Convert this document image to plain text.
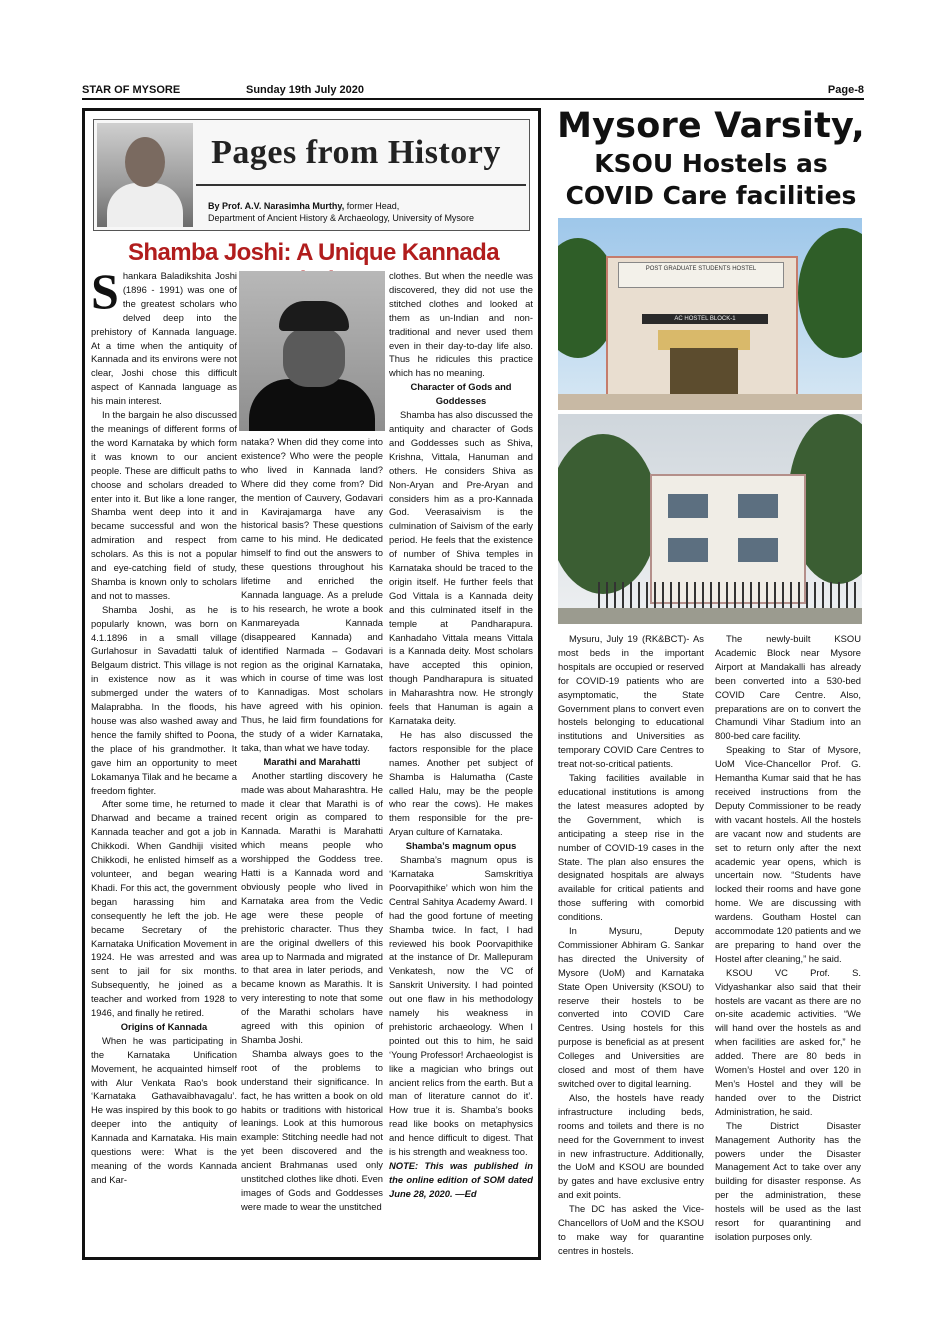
STAR OF MYSORE	Sunday 19th July 2020	Page-8
Pages from History
By Prof. A.V. Narasimha Murthy, former Head,
Department of Ancient History & Archaeology, University of Mysore
Shamba Joshi: A Unique Kannada

Shankara Baladikshita Joshi (1896 - 1991) was one of the greatest scholars who delved deep into the prehistory of Kannada language. At a time when the antiquity of Kannada and its environs were not clear, Joshi chose this difficult aspect of Kannada language as his main interest.

In the bargain he also discussed the meanings of different forms of the word Karnataka by which form it was known to our ancient people. These are difficult paths to choose and scholars dreaded to enter into it. But like a lone ranger, Shamba went deep into it and became successful and won the admiration and respect from scholars. As this is not a popular and eye-catching field of study, Shamba is known only to scholars and not to masses.

Shamba Joshi, as he is popularly known, was born on 4.1.1896 in a small village Gurlahosur in Savadatti taluk of Belgaum district. This village is not in existence now as it was submerged under the waters of Malaprabha. In the floods, his house was also washed away and hence the family shifted to Poona, the place of his grandmother. It gave him an opportunity to meet Lokamanya Tilak and he became a freedom fighter.

After some time, he returned to Dharwad and became a trained Kannada teacher and got a job in Chikkodi. When Gandhiji visited Chikkodi, he enlisted himself as a volunteer, and began wearing Khadi. For this act, the government began harassing him and consequently he left the job. He became Secretary of the Karnataka Unification Movement in 1924. He was arrested and was sent to jail for six months. Subsequently, he joined as a teacher and worked from 1928 to 1946, and finally he retired.

Origins of Kannada

When he was participating in the Karnataka Unification Movement, he acquainted himself with Alur Venkata Rao's book ‘Karnataka Gathavaibhavagalu’. He was inspired by this book to go deeper into the antiquity of Kannada and Karnataka. His main questions were: What is the meaning of the words Kannada and Kar-

nataka? When did they come into existence? Who were the people who lived in Kannada land? Where did they come from? Did the mention of Cauvery, Godavari in Kavirajamarga have any historical basis? These questions came to his mind. He dedicated himself to find out the answers to these questions throughout his lifetime and enriched the Kannada language. As a prelude to his research, he wrote a book Kanmareyada Kannada (disappeared Kannada) and identified Narmada – Godavari region as the original Karnataka, which in course of time was lost to Kannadigas. Most scholars have agreed with his opinion. Thus, he laid firm foundations for the study of a wider Karnataka, taka, than what we have today.

Marathi and Marahatti

Another startling discovery he made was about Maharashtra. He made it clear that Marathi is of recent origin as compared to Kannada. Marathi is Marahatti which means people who worshipped the Goddess tree. Hatti is a Kannada word and obviously people who lived in Karnataka area from the Vedic age were these people of prehistoric character. Thus they are the original dwellers of this area up to Narmada and migrated to that area in later periods, and became known as Marathis. It is very interesting to note that some of the Marathi scholars have agreed with this opinion of Shamba Joshi.

Shamba always goes to the root of the problems to understand their significance. In fact, he has written a book on old habits or traditions with historical leanings. Look at this humorous example: Stitching needle had not yet been discovered and the ancient Brahmanas used only unstitched clothes like dhoti. Even images of Gods and Goddesses were made to wear the unstitched

clothes. But when the needle was discovered, they did not use the stitched clothes and looked at them as un-Indian and non-traditional and never used them even in their day-to-day life also. Thus he ridicules this practice which has no meaning.

Character of Gods and Goddesses

Shamba has also discussed the antiquity and character of Gods and Goddesses such as Shiva, Krishna, Vittala, Hanuman and others. He considers Shiva as Non-Aryan and Pre-Aryan and considers him as a pro-Kannada God. Veerasaivism is the culmination of Saivism of the early period. He feels that the existence of number of Shiva temples in Karnataka should be traced to the origin itself. He further feels that God Vittala is a Kannada deity and this culminated itself in the temple at Pandharapura. Kanhadaho Vittala means Vittala is a Kannada deity. Most scholars have accepted this opinion, though Pandharapura is situated in Maharashtra now. He strongly feels that Hanuman is again a Karnataka deity.

He has also discussed the factors responsible for the place names. Another pet subject of Shamba is Halumatha (Caste called Halu, may be the people who rear the cows). He makes them responsible for the pre-Aryan culture of Karnataka.

Shamba’s magnum opus

Shamba’s magnum opus is ‘Karnataka Samskritiya Poorvapithike’ which won him the Central Sahitya Academy Award. I had the good fortune of meeting Shamba twice. In fact, I had reviewed his book Poorvapithike at the instance of Dr. Mallepuram Venkatesh, now the VC of Sanskrit University. I had pointed out one flaw in his methodology namely his weakness in prehistoric archaeology. When I pointed out this to him, he said ‘Young Professor! Archaeologist is like a magician who brings out ancient relics from the earth. But a man of literature cannot do it’. How true it is. Shamba’s books read like books on metaphysics and hence difficult to digest. That is his strength and weakness too.

NOTE: This was published in the online edition of SOM dated June 28, 2020. —Ed

Mysore Varsity,
KSOU Hostels as
COVID Care facilities
POST GRADUATE STUDENTS HOSTEL
AC HOSTEL BLOCK-1

Mysuru, July 19 (RK&BCT)- As most beds in the important hospitals are occupied or reserved for COVID-19 patients who are asymptomatic, the State Government plans to convert even hostels belonging to educational institutions and Universities as temporary COVID Care Centres to treat not-so-critical patients.

Taking facilities available in educational institutions is among the latest measures adopted by the Government, which is anticipating a steep rise in the number of COVID-19 cases in the State. The plan also ensures the designated hospitals are always available for critical patients and those suffering with comorbid conditions.

In Mysuru, Deputy Commissioner Abhiram G. Sankar has directed the University of Mysore (UoM) and Karnataka State Open University (KSOU) to reserve their hostels to be converted into COVID Care Centres. Using hostels for this purpose is beneficial as at present Colleges and Universities are closed and most of them have switched over to digital learning.

Also, the hostels have ready infrastructure including beds, rooms and toilets and there is no need for the Government to invest in new infrastructure. Additionally, the UoM and KSOU are bounded by gates and have exclusive entry and exit points.

The DC has asked the Vice-Chancellors of UoM and the KSOU to make way for quarantine centres in hostels.

The newly-built KSOU Academic Block near Mysore Airport at Mandakalli has already been converted into a 530-bed COVID Care Centre. Also, preparations are on to convert the Chamundi Vihar Stadium into an 800-bed care facility.

Speaking to Star of Mysore, UoM Vice-Chancellor Prof. G. Hemantha Kumar said that he has received instructions from the Deputy Commissioner to be ready with vacant hostels. All the hostels are vacant now and students are set to return only after the next academic year opens, which is uncertain now. “Students have locked their rooms and have gone home. We are discussing with wardens. Goutham Hostel can accommodate 120 patients and we are preparing to hand over the Hostel after cleaning,” he said.

KSOU VC Prof. S. Vidyashankar also said that their hostels are vacant as there are no on-site academic activities. “We will hand over the hostels as and when facilities are asked for,” he added. There are 80 beds in Women’s Hostel and over 120 in Men’s Hostel and they will be handed over to the District Administration, he said.

The District Disaster Management Authority has the powers under the Disaster Management Act to take over any building for disaster response. As per the administration, these hostels will be used as the last resort for quarantining and isolation purposes only.
